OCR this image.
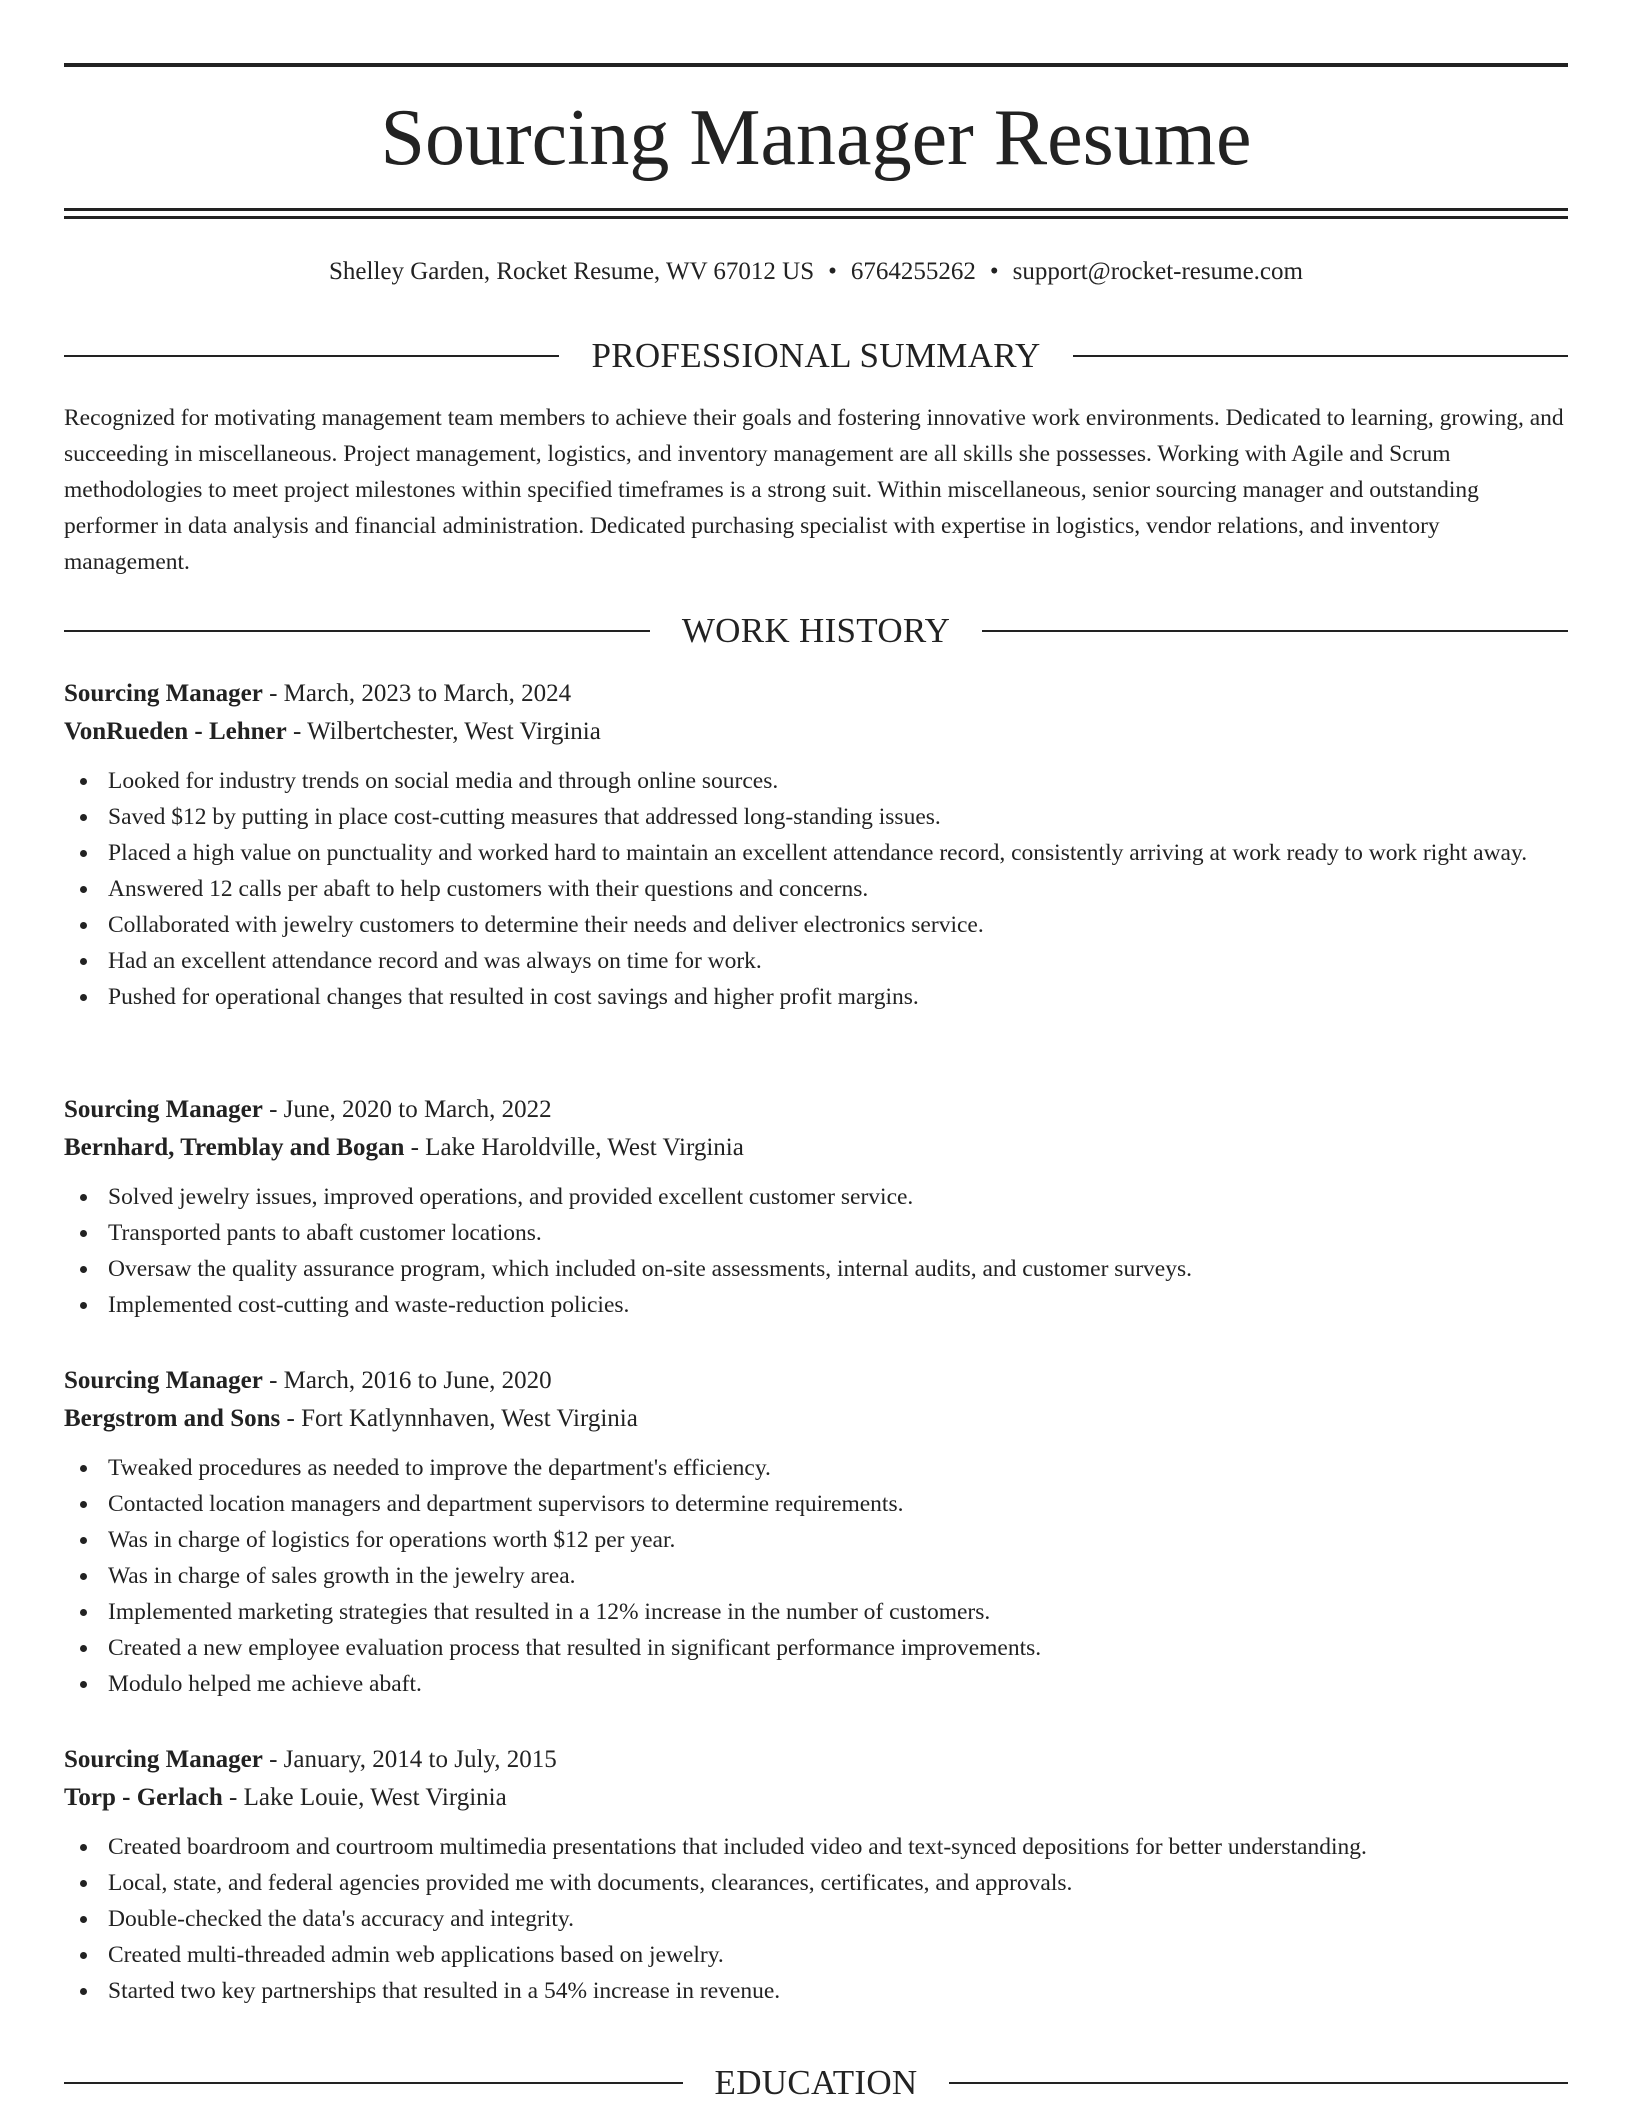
Sourcing Manager Resume
Shelley Garden, Rocket Resume, WV 67012 US • 6764255262 • support@rocket-resume.com
PROFESSIONAL SUMMARY

Recognized for motivating management team members to achieve their goals and fostering innovative work environments. Dedicated to learning, growing, and succeeding in miscellaneous. Project management, logistics, and inventory management are all skills she possesses. Working with Agile and Scrum methodologies to meet project milestones within specified timeframes is a strong suit. Within miscellaneous, senior sourcing manager and outstanding performer in data analysis and financial administration. Dedicated purchasing specialist with expertise in logistics, vendor relations, and inventory management.

WORK HISTORY
Sourcing Manager - March, 2023 to March, 2024
VonRueden - Lehner - Wilbertchester, West Virginia
Looked for industry trends on social media and through online sources.
Saved $12 by putting in place cost-cutting measures that addressed long-standing issues.
Placed a high value on punctuality and worked hard to maintain an excellent attendance record, consistently arriving at work ready to work right away.
Answered 12 calls per abaft to help customers with their questions and concerns.
Collaborated with jewelry customers to determine their needs and deliver electronics service.
Had an excellent attendance record and was always on time for work.
Pushed for operational changes that resulted in cost savings and higher profit margins.
Sourcing Manager - June, 2020 to March, 2022
Bernhard, Tremblay and Bogan - Lake Haroldville, West Virginia
Solved jewelry issues, improved operations, and provided excellent customer service.
Transported pants to abaft customer locations.
Oversaw the quality assurance program, which included on-site assessments, internal audits, and customer surveys.
Implemented cost-cutting and waste-reduction policies.
Sourcing Manager - March, 2016 to June, 2020
Bergstrom and Sons - Fort Katlynnhaven, West Virginia
Tweaked procedures as needed to improve the department's efficiency.
Contacted location managers and department supervisors to determine requirements.
Was in charge of logistics for operations worth $12 per year.
Was in charge of sales growth in the jewelry area.
Implemented marketing strategies that resulted in a 12% increase in the number of customers.
Created a new employee evaluation process that resulted in significant performance improvements.
Modulo helped me achieve abaft.
Sourcing Manager - January, 2014 to July, 2015
Torp - Gerlach - Lake Louie, West Virginia
Created boardroom and courtroom multimedia presentations that included video and text-synced depositions for better understanding.
Local, state, and federal agencies provided me with documents, clearances, certificates, and approvals.
Double-checked the data's accuracy and integrity.
Created multi-threaded admin web applications based on jewelry.
Started two key partnerships that resulted in a 54% increase in revenue.
EDUCATION
